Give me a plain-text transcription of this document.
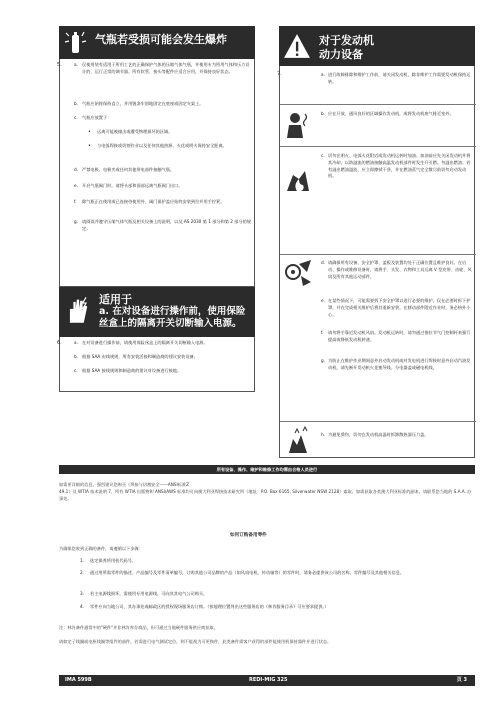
气瓶若受损可能会发生爆炸
5.	a. 仅使用装有适用于所用工艺的正确保护气体的压缩气体气瓶，并使用专为所用气体和压力设计的、运行正常的调节器。所有软管、接头等配件应适合应用，并保持良好状态。
b. 气瓶应始终保持直立，并用链条牢固地固定在底座或固定支架上。
c. 气瓶应放置于：
• 远离可能被撞击或遭受物理损坏的区域。
• 与电弧焊接或切割作业以及任何其他热源、火花或明火保持安全距离。
d. 严禁电极、电极夹或任何其他带电部件接触气瓶。
e. 开启气瓶阀门时，请将头部和面部远离气瓶阀门出口。
f. 除气瓶正在使用或已连接待使用外，阀门保护盖应始终安装到位并用手拧紧。
g. 请阅读并遵守压缩气体气瓶及相关设备上的说明，以及 AS 2030 第 1 部分和第 2 部分的规定。
适用于
a. 在对设备进行操作前，使用保险丝盒上的隔离开关切断输入电源。
6.	a. 在对设备进行操作前，请使用保险丝盒上的隔离开关切断输入电源。
b. 根据 SAA 布线规则，所有安装活接和制造商的建议安装设备。
c. 根据 SAA 接线规则和制造商的建议对设备进行接地。
对于发动机
动力设备
7.	a. 进行故障排除和维护工作前，请关闭发动机，除非维护工作需要发动机保持运转。
b. 应在开放、通风良好的区域操作发动机，或将发动机废气排至室外。
c. 切勿在明火、电弧火花附近或发动机运转时加油。加油前应先关闭发动机并将其冷却，以防溢流的燃油接触高温发动机部件时发生开引燃。勿溢出燃油；若有溢出燃油溢流，应立即擦拭干净，并在燃油蒸气完全散尽前切勿启动发动机。
d. 请确保所有设备、安全护罩、盖板及装置均处于正确位置且维护良好。在启动、操作或维修设备时，请将手、头发、衣物和工具远离 V 型皮带、齿轮、风扇及所有其他运动部件。
e. 在某些情况下，可能需要拆下安全护罩以进行必要的维护。仅在必要时拆下护罩，并在完成相关维护后将其重新安装。在移动部件附近作业时，务必格外小心。
f. 请勿将手靠近发动机风扇。发动机运转时，请勿通过推拉节气门控制杆来强行提高或降低发动机转速。
g. 为防止在维护作业期间意外启动发动机或对发电机进行焊接时意外启动汽油发动机，请先断开发动机火花塞导线、分电器盖或磁电机线。
h. 为避免烫伤，切勿在发动机高温时拆卸散热器压力盖。
所有设备、操作、维护和维修工作均需由合格人员进行
如需更详细的信息，强烈建议您购买《焊接与切割安全——ANSI标准Z
49.1》及 WTIA 技术说明 7。所有 WTIA 出版物和 ANSI/AWS 标准均可向澳大利亚焊接技术研究所（地址：P.O. Box 6165, Silverwater NSW 2128）索取。如需获取各类澳大利亚标准的副本，请联系您当地的 S.A.A. 办事处。
如何订购备用零件
为确保您收到正确的备件，请遵循以下步骤：
1. 选定保养所用机代码号。
2. 通过用所需零件的描述、产品编号及零件清单编号，订购其他公司品牌的产品（如风扇电机、传动轴等）的零件时，请务必提供该公司的名称、零件编号及其他相关信息。
3. 若主电源线损坏，需使用专用电源线，可向其其电气公司购买。
4. 零件应向当地公司、其办事处或邮政区的授权现场服务店订购。（按地理位置列出这些服务店的《林肯服务目录》可应要求提供。）
注：林肯备件通常中的"硬件"并非林肯库存商品，但可通过当地硬件服务供应商获取。
请如定子线圈或电枢线圈等组件的部件，若需进行电气测试定位，则不能视为可更换件，此类备件需客户获得的部件能使用机保持器件并进行状态。
IMA 599B	REDI-MIG 325	页 3
